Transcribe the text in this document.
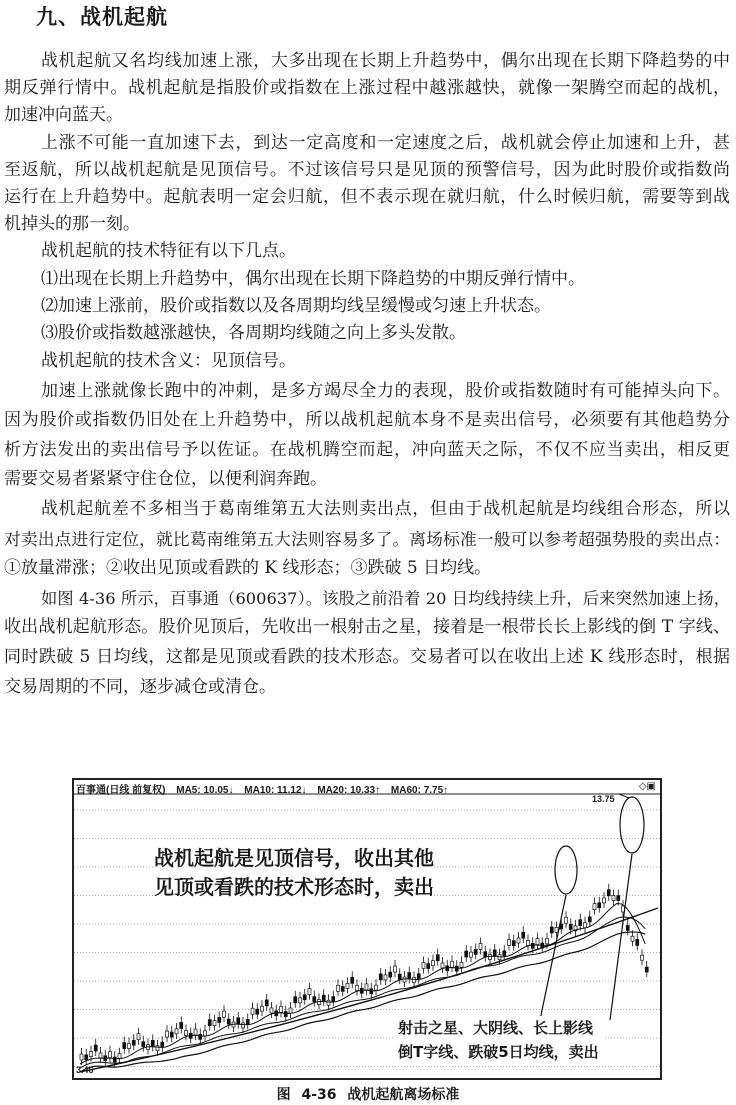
九、战机起航
战机起航又名均线加速上涨，大多出现在长期上升趋势中，偶尔出现在长期下降趋势的中
期反弹行情中。战机起航是指股价或指数在上涨过程中越涨越快，就像一架腾空而起的战机，
加速冲向蓝天。
上涨不可能一直加速下去，到达一定高度和一定速度之后，战机就会停止加速和上升，甚
至返航，所以战机起航是见顶信号。不过该信号只是见顶的预警信号，因为此时股价或指数尚
运行在上升趋势中。起航表明一定会归航，但不表示现在就归航，什么时候归航，需要等到战
机掉头的那一刻。
战机起航的技术特征有以下几点。
⑴出现在长期上升趋势中，偶尔出现在长期下降趋势的中期反弹行情中。
⑵加速上涨前，股价或指数以及各周期均线呈缓慢或匀速上升状态。
⑶股价或指数越涨越快，各周期均线随之向上多头发散。
战机起航的技术含义：见顶信号。
加速上涨就像长跑中的冲刺，是多方竭尽全力的表现，股价或指数随时有可能掉头向下。
因为股价或指数仍旧处在上升趋势中，所以战机起航本身不是卖出信号，必须要有其他趋势分
析方法发出的卖出信号予以佐证。在战机腾空而起，冲向蓝天之际，不仅不应当卖出，相反更
需要交易者紧紧守住仓位，以便利润奔跑。
战机起航差不多相当于葛南维第五大法则卖出点，但由于战机起航是均线组合形态，所以
对卖出点进行定位，就比葛南维第五大法则容易多了。离场标准一般可以参考超强势股的卖出点：
①放量滞涨；②收出见顶或看跌的 K 线形态；③跌破 5 日均线。
如图 4-36 所示，百事通（600637）。该股之前沿着 20 日均线持续上升，后来突然加速上扬，
收出战机起航形态。股价见顶后，先收出一根射击之星，接着是一根带长长上影线的倒 T 字线、
同时跌破 5 日均线，这都是见顶或看跌的技术形态。交易者可以在收出上述 K 线形态时，根据
交易周期的不同，逐步减仓或清仓。
百事通(日线 前复权) MA5: 10.05↓ MA10: 11.12↓ MA20: 10.33↑ MA60: 7.75↑	◇▣
13.75
3.46
战机起航是见顶信号，收出其他
见顶或看跌的技术形态时，卖出
射击之星、大阴线、长上影线
倒T字线、跌破5日均线，卖出
图 4-36 战机起航离场标准
